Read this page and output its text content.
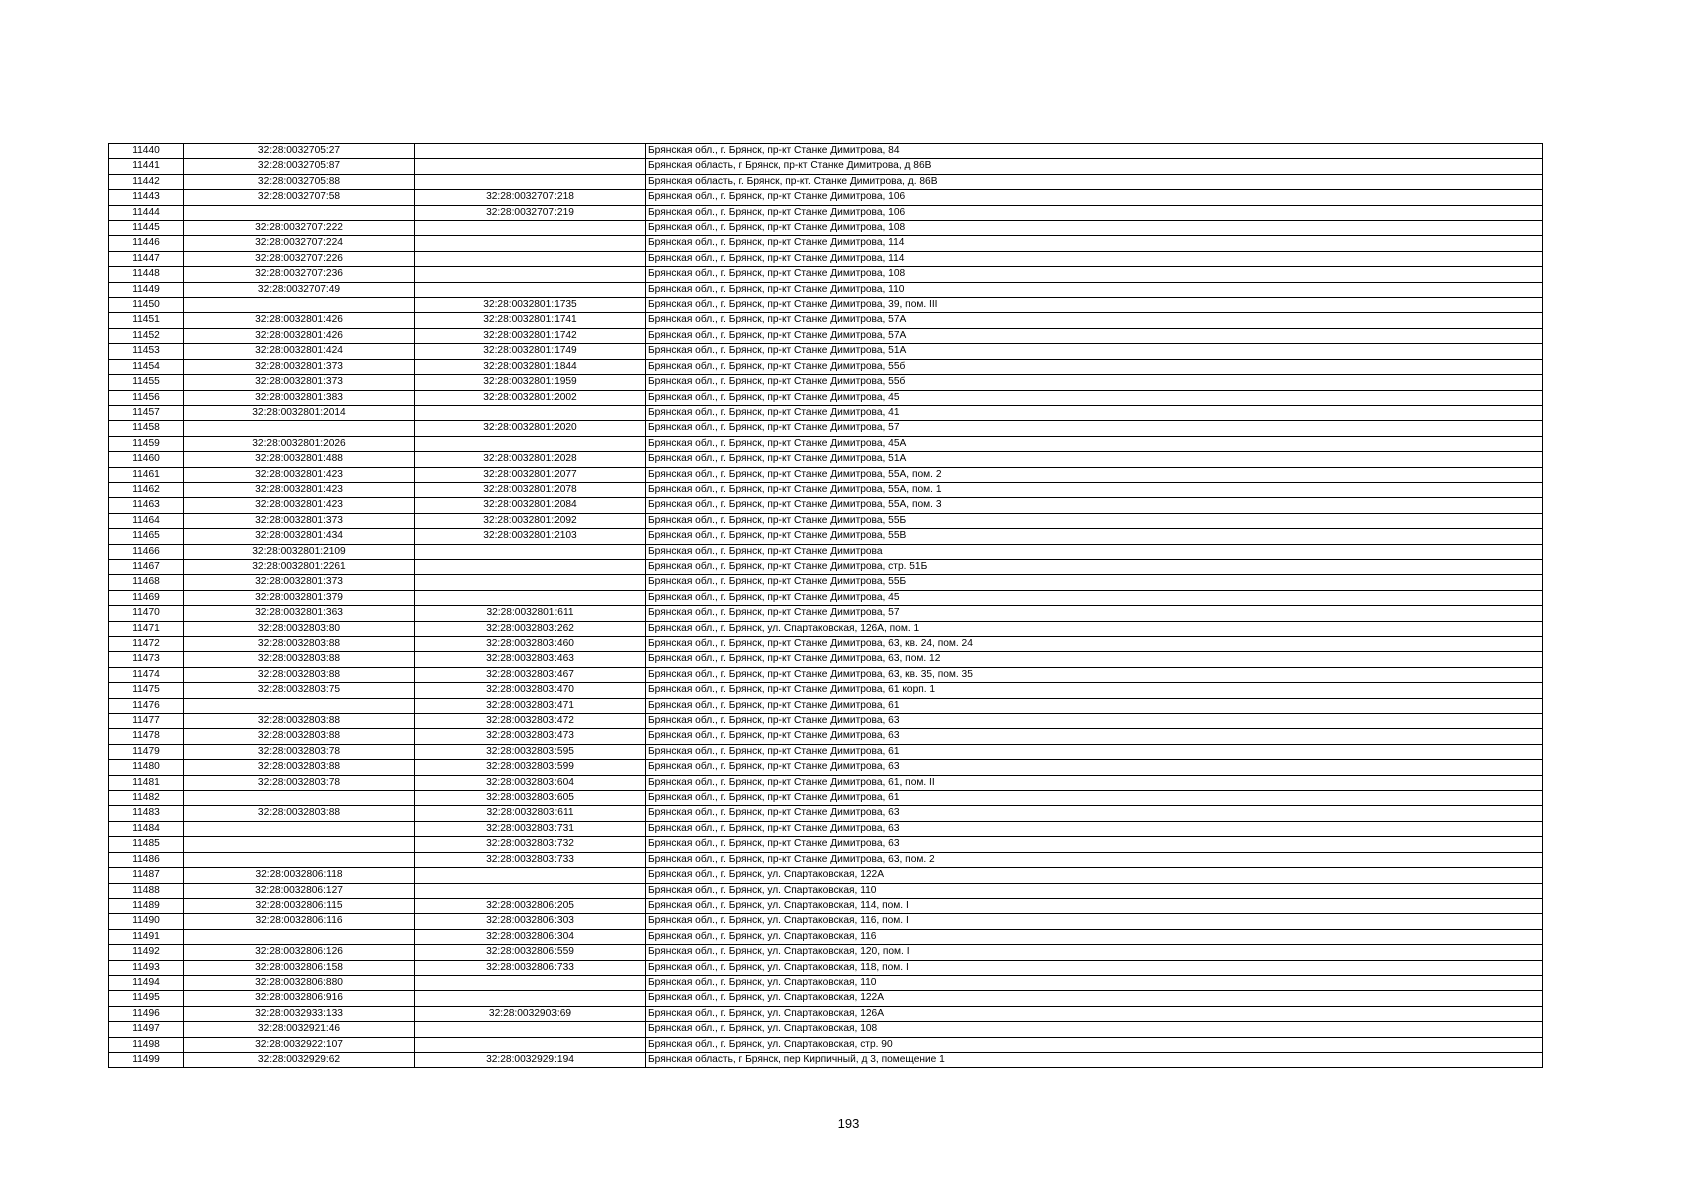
11440	32:28:0032705:27		Брянская обл., г. Брянск, пр-кт Станке Димитрова, 84
11441	32:28:0032705:87		Брянская область, г Брянск, пр-кт Станке Димитрова, д 86В
11442	32:28:0032705:88		Брянская область, г. Брянск, пр-кт. Станке Димитрова, д. 86В
11443	32:28:0032707:58	32:28:0032707:218	Брянская обл., г. Брянск, пр-кт Станке Димитрова, 106
11444		32:28:0032707:219	Брянская обл., г. Брянск, пр-кт Станке Димитрова, 106
11445	32:28:0032707:222		Брянская обл., г. Брянск, пр-кт Станке Димитрова, 108
11446	32:28:0032707:224		Брянская обл., г. Брянск, пр-кт Станке Димитрова, 114
11447	32:28:0032707:226		Брянская обл., г. Брянск, пр-кт Станке Димитрова, 114
11448	32:28:0032707:236		Брянская обл., г. Брянск, пр-кт Станке Димитрова, 108
11449	32:28:0032707:49		Брянская обл., г. Брянск, пр-кт Станке Димитрова, 110
11450		32:28:0032801:1735	Брянская обл., г. Брянск, пр-кт Станке Димитрова, 39, пом. III
11451	32:28:0032801:426	32:28:0032801:1741	Брянская обл., г. Брянск, пр-кт Станке Димитрова, 57А
11452	32:28:0032801:426	32:28:0032801:1742	Брянская обл., г. Брянск, пр-кт Станке Димитрова, 57А
11453	32:28:0032801:424	32:28:0032801:1749	Брянская обл., г. Брянск, пр-кт Станке Димитрова, 51А
11454	32:28:0032801:373	32:28:0032801:1844	Брянская обл., г. Брянск, пр-кт Станке Димитрова, 55б
11455	32:28:0032801:373	32:28:0032801:1959	Брянская обл., г. Брянск, пр-кт Станке Димитрова, 55б
11456	32:28:0032801:383	32:28:0032801:2002	Брянская обл., г. Брянск, пр-кт Станке Димитрова, 45
11457	32:28:0032801:2014		Брянская обл., г. Брянск, пр-кт Станке Димитрова, 41
11458		32:28:0032801:2020	Брянская обл., г. Брянск, пр-кт Станке Димитрова, 57
11459	32:28:0032801:2026		Брянская обл., г. Брянск, пр-кт Станке Димитрова, 45А
11460	32:28:0032801:488	32:28:0032801:2028	Брянская обл., г. Брянск, пр-кт Станке Димитрова, 51А
11461	32:28:0032801:423	32:28:0032801:2077	Брянская обл., г. Брянск, пр-кт Станке Димитрова, 55А, пом. 2
11462	32:28:0032801:423	32:28:0032801:2078	Брянская обл., г. Брянск, пр-кт Станке Димитрова, 55А, пом. 1
11463	32:28:0032801:423	32:28:0032801:2084	Брянская обл., г. Брянск, пр-кт Станке Димитрова, 55А, пом. 3
11464	32:28:0032801:373	32:28:0032801:2092	Брянская обл., г. Брянск, пр-кт Станке Димитрова, 55Б
11465	32:28:0032801:434	32:28:0032801:2103	Брянская обл., г. Брянск, пр-кт Станке Димитрова, 55В
11466	32:28:0032801:2109		Брянская обл., г. Брянск, пр-кт Станке Димитрова
11467	32:28:0032801:2261		Брянская обл., г. Брянск, пр-кт Станке Димитрова, стр. 51Б
11468	32:28:0032801:373		Брянская обл., г. Брянск, пр-кт Станке Димитрова, 55Б
11469	32:28:0032801:379		Брянская обл., г. Брянск, пр-кт Станке Димитрова, 45
11470	32:28:0032801:363	32:28:0032801:611	Брянская обл., г. Брянск, пр-кт Станке Димитрова, 57
11471	32:28:0032803:80	32:28:0032803:262	Брянская обл., г. Брянск, ул. Спартаковская, 126А, пом. 1
11472	32:28:0032803:88	32:28:0032803:460	Брянская обл., г. Брянск, пр-кт Станке Димитрова, 63, кв. 24, пом. 24
11473	32:28:0032803:88	32:28:0032803:463	Брянская обл., г. Брянск, пр-кт Станке Димитрова, 63, пом. 12
11474	32:28:0032803:88	32:28:0032803:467	Брянская обл., г. Брянск, пр-кт Станке Димитрова, 63, кв. 35, пом. 35
11475	32:28:0032803:75	32:28:0032803:470	Брянская обл., г. Брянск, пр-кт Станке Димитрова, 61 корп. 1
11476		32:28:0032803:471	Брянская обл., г. Брянск, пр-кт Станке Димитрова, 61
11477	32:28:0032803:88	32:28:0032803:472	Брянская обл., г. Брянск, пр-кт Станке Димитрова, 63
11478	32:28:0032803:88	32:28:0032803:473	Брянская обл., г. Брянск, пр-кт Станке Димитрова, 63
11479	32:28:0032803:78	32:28:0032803:595	Брянская обл., г. Брянск, пр-кт Станке Димитрова, 61
11480	32:28:0032803:88	32:28:0032803:599	Брянская обл., г. Брянск, пр-кт Станке Димитрова, 63
11481	32:28:0032803:78	32:28:0032803:604	Брянская обл., г. Брянск, пр-кт Станке Димитрова, 61, пом. II
11482		32:28:0032803:605	Брянская обл., г. Брянск, пр-кт Станке Димитрова, 61
11483	32:28:0032803:88	32:28:0032803:611	Брянская обл., г. Брянск, пр-кт Станке Димитрова, 63
11484		32:28:0032803:731	Брянская обл., г. Брянск, пр-кт Станке Димитрова, 63
11485		32:28:0032803:732	Брянская обл., г. Брянск, пр-кт Станке Димитрова, 63
11486		32:28:0032803:733	Брянская обл., г. Брянск, пр-кт Станке Димитрова, 63, пом. 2
11487	32:28:0032806:118		Брянская обл., г. Брянск, ул. Спартаковская, 122А
11488	32:28:0032806:127		Брянская обл., г. Брянск, ул. Спартаковская, 110
11489	32:28:0032806:115	32:28:0032806:205	Брянская обл., г. Брянск, ул. Спартаковская, 114, пом. I
11490	32:28:0032806:116	32:28:0032806:303	Брянская обл., г. Брянск, ул. Спартаковская, 116, пом. I
11491		32:28:0032806:304	Брянская обл., г. Брянск, ул. Спартаковская, 116
11492	32:28:0032806:126	32:28:0032806:559	Брянская обл., г. Брянск, ул. Спартаковская, 120, пом. I
11493	32:28:0032806:158	32:28:0032806:733	Брянская обл., г. Брянск, ул. Спартаковская, 118, пом. I
11494	32:28:0032806:880		Брянская обл., г. Брянск, ул. Спартаковская, 110
11495	32:28:0032806:916		Брянская обл., г. Брянск, ул. Спартаковская, 122А
11496	32:28:0032933:133	32:28:0032903:69	Брянская обл., г. Брянск, ул. Спартаковская, 126А
11497	32:28:0032921:46		Брянская обл., г. Брянск, ул. Спартаковская, 108
11498	32:28:0032922:107		Брянская обл., г. Брянск, ул. Спартаковская, стр. 90
11499	32:28:0032929:62	32:28:0032929:194	Брянская область, г Брянск, пер Кирпичный, д 3, помещение 1
193
